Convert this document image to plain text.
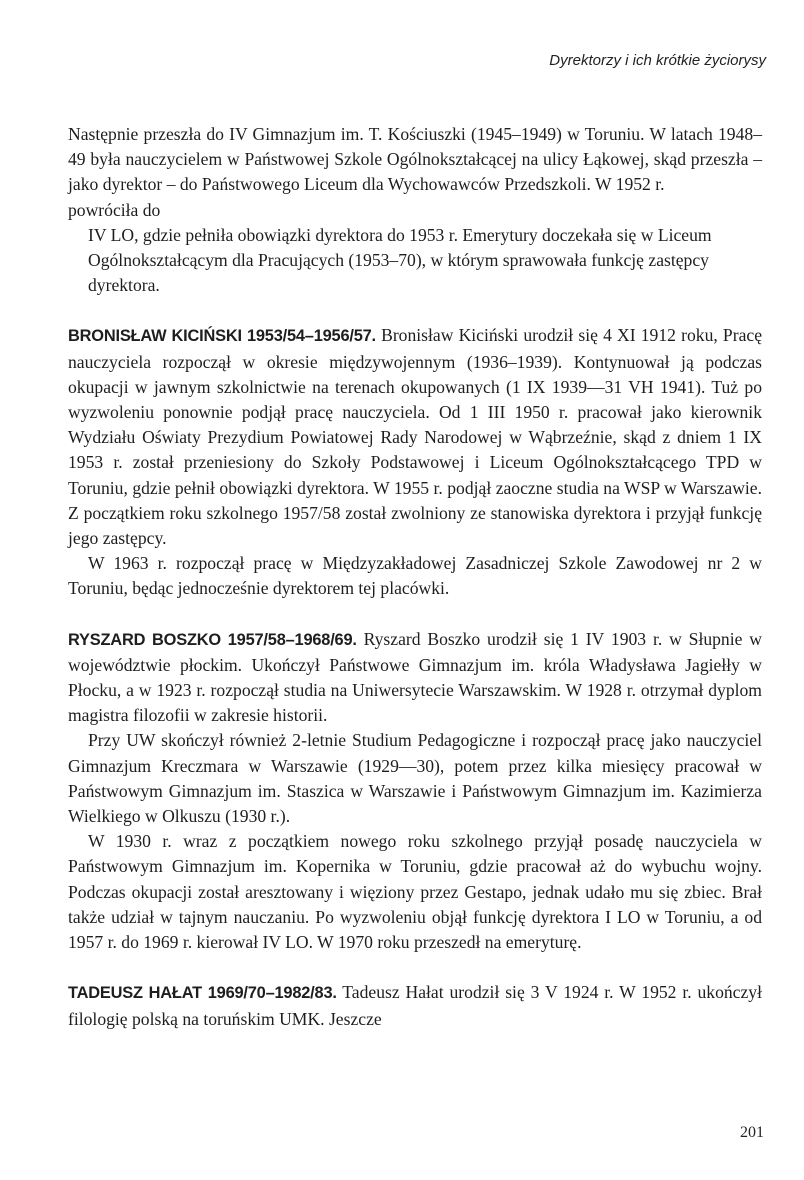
Dyrektorzy i ich krótkie życiorysy

Następnie przeszła do IV Gimnazjum im. T. Kościuszki (1945–1949) w Toruniu. W latach 1948–49 była nauczycielem w Państwowej Szkole Ogólnokształcącej na ulicy Łąkowej, skąd przeszła – jako dyrektor – do Państwowego Liceum dla Wychowawców Przedszkoli. W 1952 r.

powróciła do

IV LO, gdzie pełniła obowiązki dyrektora do 1953 r. Emerytury doczekała się w Liceum Ogólnokształcącym dla Pracujących (1953–70), w którym sprawowała funkcję zastępcy dyrektora.

BRONISŁAW KICIŃSKI 1953/54–1956/57. Bronisław Kiciński urodził się 4 XI 1912 roku, Pracę nauczyciela rozpoczął w okresie międzywojennym (1936–1939). Kontynuował ją podczas okupacji w jawnym szkolnictwie na terenach okupowanych (1 IX 1939—31 VH 1941). Tuż po wyzwoleniu ponownie podjął pracę nauczyciela. Od 1 III 1950 r. pracował jako kierownik Wydziału Oświaty Prezydium Powiatowej Rady Narodowej w Wąbrzeźnie, skąd z dniem 1 IX 1953 r. został przeniesiony do Szkoły Podstawowej i Liceum Ogólnokształcącego TPD w Toruniu, gdzie pełnił obowiązki dyrektora. W 1955 r. podjął zaoczne studia na WSP w Warszawie. Z początkiem roku szkolnego 1957/58 został zwolniony ze stanowiska dyrektora i przyjął funkcję jego zastępcy.

W 1963 r. rozpoczął pracę w Międzyzakładowej Zasadniczej Szkole Zawodowej nr 2 w Toruniu, będąc jednocześnie dyrektorem tej placówki.

RYSZARD BOSZKO 1957/58–1968/69. Ryszard Boszko urodził się 1 IV 1903 r. w Słupnie w województwie płockim. Ukończył Państwowe Gimnazjum im. króla Władysława Jagiełły w Płocku, a w 1923 r. rozpoczął studia na Uniwersytecie Warszawskim. W 1928 r. otrzymał dyplom magistra filozofii w zakresie historii.

Przy UW skończył również 2-letnie Studium Pedagogiczne i rozpoczął pracę jako nauczyciel Gimnazjum Kreczmara w Warszawie (1929—30), potem przez kilka miesięcy pracował w Państwowym Gimnazjum im. Staszica w Warszawie i Państwowym Gimnazjum im. Kazimierza Wielkiego w Olkuszu (1930 r.).

W 1930 r. wraz z początkiem nowego roku szkolnego przyjął posadę nauczyciela w Państwowym Gimnazjum im. Kopernika w Toruniu, gdzie pracował aż do wybuchu wojny. Podczas okupacji został aresztowany i więziony przez Gestapo, jednak udało mu się zbiec. Brał także udział w tajnym nauczaniu. Po wyzwoleniu objął funkcję dyrektora I LO w Toruniu, a od 1957 r. do 1969 r. kierował IV LO. W 1970 roku przeszedł na emeryturę.

TADEUSZ HAŁAT 1969/70–1982/83. Tadeusz Hałat urodził się 3 V 1924 r. W 1952 r. ukończył filologię polską na toruńskim UMK. Jeszcze

201
